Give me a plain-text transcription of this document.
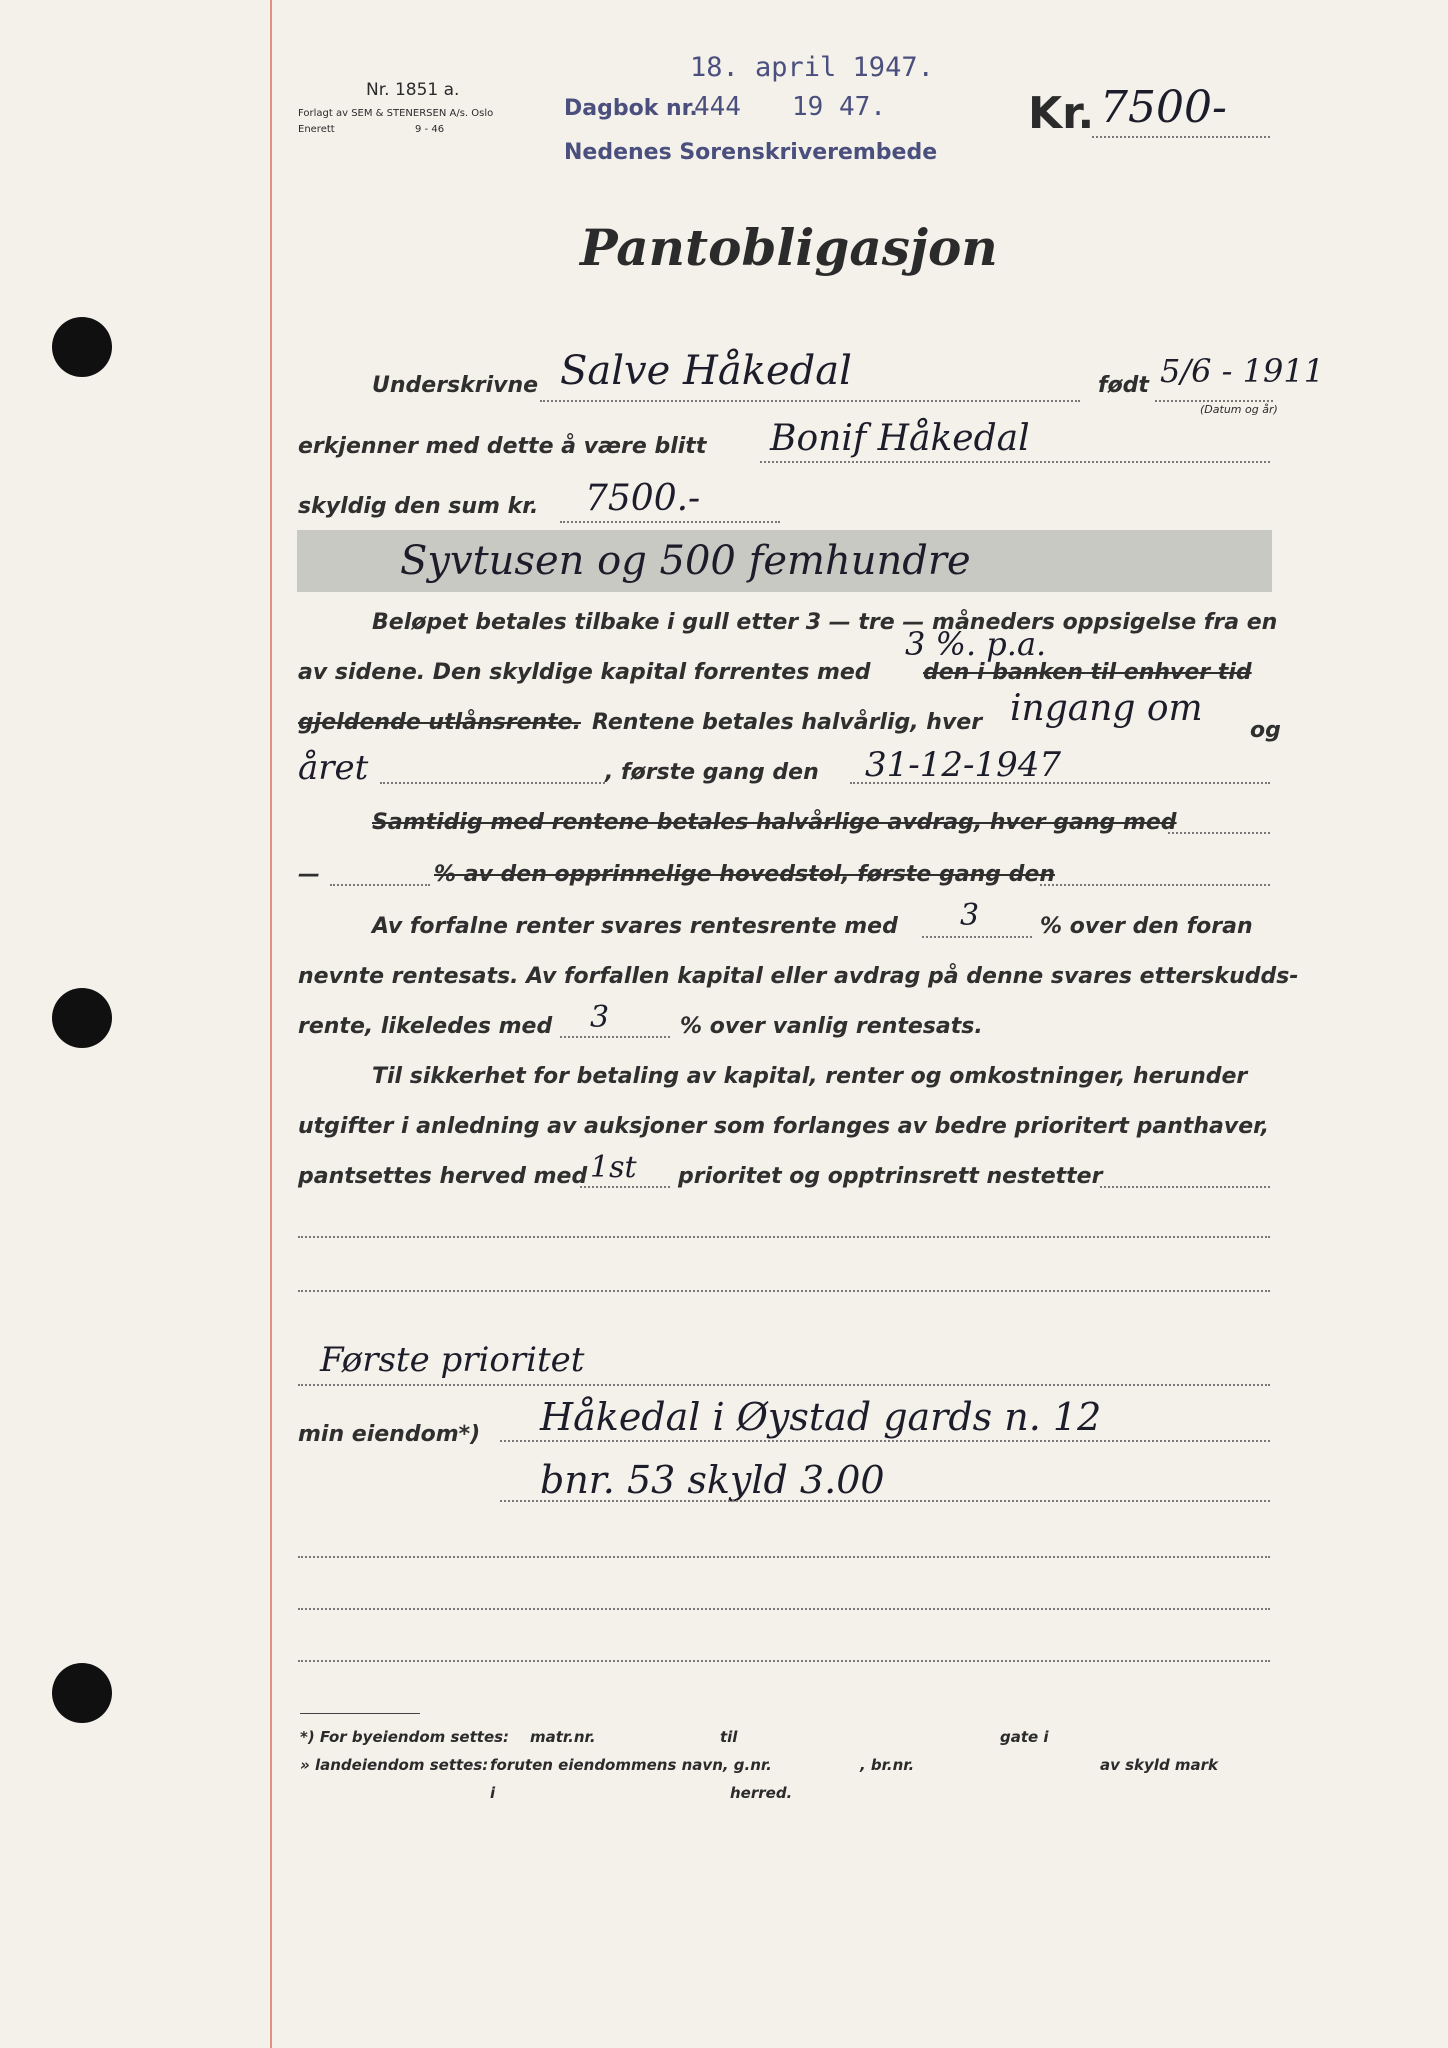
Nr. 1851 a.
Forlagt av SEM & STENERSEN A/s. Oslo
Enerett	9 - 46
18. april 1947.
Dagbok nr.
444 19 47.
Nedenes Sorenskriverembede
Kr. 7500-
Pantobligasjon
Underskrivne Salve Håkedal	født 5/6 - 1911
(Datum og år)
erkjenner med dette å være blitt Bonif Håkedal
skyldig den sum kr. 7500.-
Syvtusen og 500 femhundre
Beløpet betales tilbake i gull etter 3 — tre — måneders oppsigelse fra en
av sidene. Den skyldige kapital forrentes med
3 %. p.a.
den i banken til enhver tid
gjeldende utlånsrente. Rentene betales halvårlig, hver ingang om
og
året	, første gang den 31-12-1947
Samtidig med rentene betales halvårlige avdrag, hver gang med
—	% av den opprinnelige hovedstol, første gang den
Av forfalne renter svares rentesrente med 3	% over den foran
nevnte rentesats. Av forfallen kapital eller avdrag på denne svares etterskudds-
rente, likeledes med 3	% over vanlig rentesats.
Til sikkerhet for betaling av kapital, renter og omkostninger, herunder
utgifter i anledning av auksjoner som forlanges av bedre prioritert panthaver,
pantsettes herved med 1st prioritet og opptrinsrett nestetter
Første prioritet
min eiendom*) Håkedal i Øystad gards n. 12
bnr. 53 skyld 3.00
*) For byeiendom settes: matr.nr.	til	gate i
» landeiendom settes: foruten eiendommens navn, g.nr.	, br.nr.	av skyld mark
i	herred.
